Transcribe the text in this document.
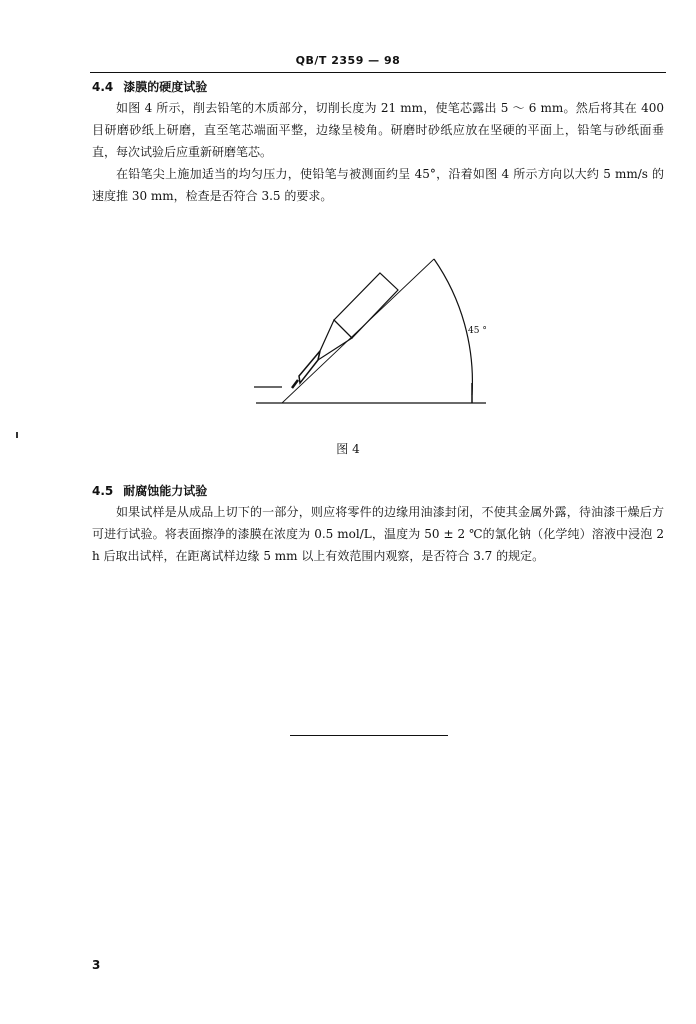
QB/T 2359 — 98
4.4 漆膜的硬度试验

如图 4 所示，削去铅笔的木质部分，切削长度为 21 mm，使笔芯露出 5 ～ 6 mm。然后将其在 400 目研磨砂纸上研磨，直至笔芯端面平整，边缘呈棱角。研磨时砂纸应放在坚硬的平面上，铅笔与砂纸面垂直，每次试验后应重新研磨笔芯。

在铅笔尖上施加适当的均匀压力，使铅笔与被测面约呈 45°，沿着如图 4 所示方向以大约 5 mm/s 的速度推 30 mm，检查是否符合 3.5 的要求。

45 °
图 4
4.5 耐腐蚀能力试验

如果试样是从成品上切下的一部分，则应将零件的边缘用油漆封闭，不使其金属外露，待油漆干燥后方可进行试验。将表面擦净的漆膜在浓度为 0.5 mol/L，温度为 50 ± 2 ℃的氯化钠（化学纯）溶液中浸泡 2 h 后取出试样，在距离试样边缘 5 mm 以上有效范围内观察，是否符合 3.7 的规定。

3
